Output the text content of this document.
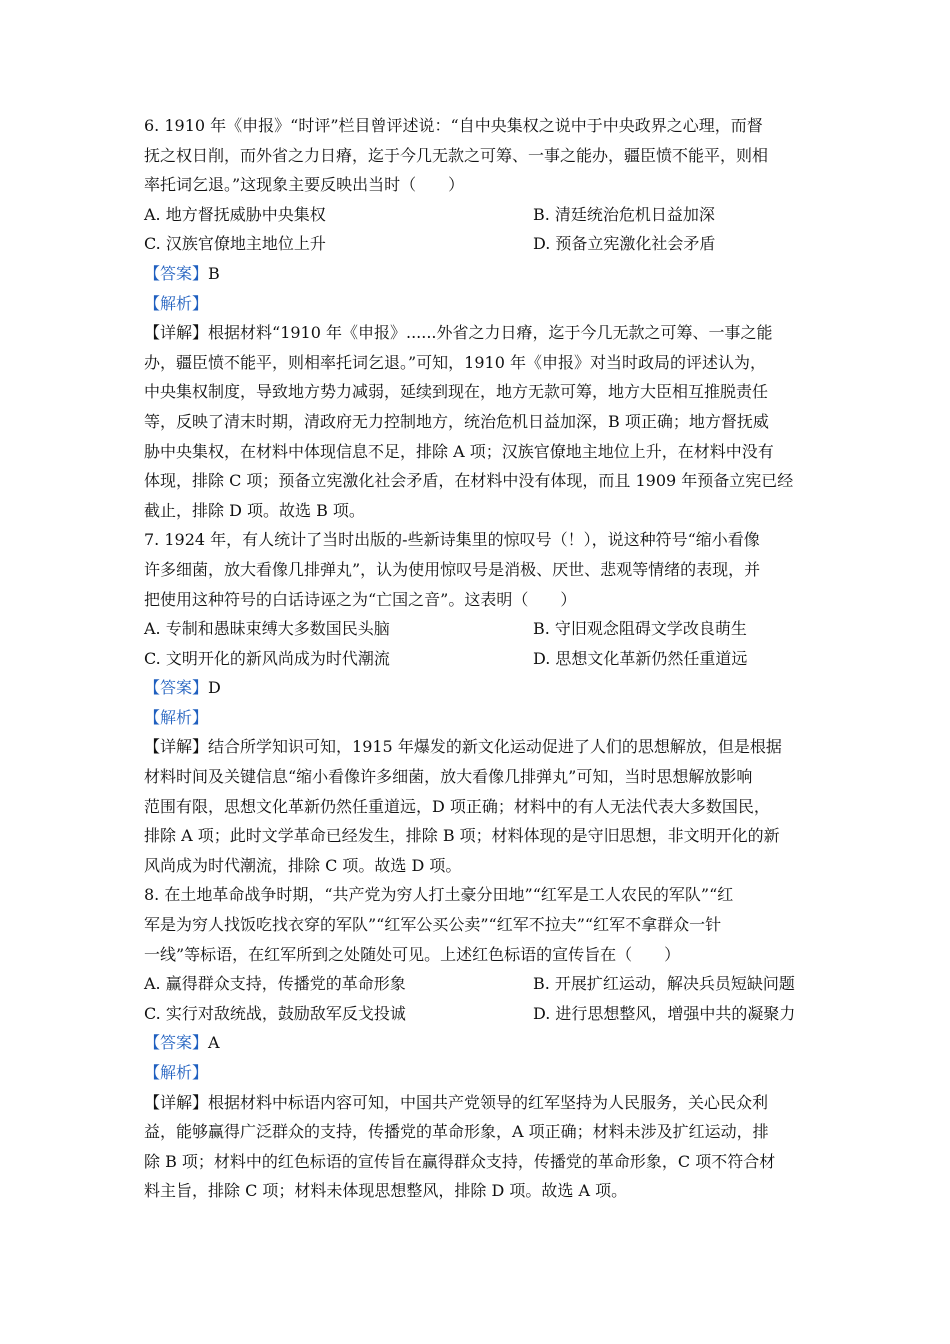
6. 1910 年《申报》“时评”栏目曾评述说：“自中央集权之说中于中央政界之心理，而督

抚之权日削，而外省之力日瘠，迄于今几无款之可筹、一事之能办，疆臣愤不能平，则相

率托词乞退。”这现象主要反映出当时（　　）

A. 地方督抚威胁中央集权	B. 清廷统治危机日益加深
C. 汉族官僚地主地位上升	D. 预备立宪激化社会矛盾

【答案】B

【解析】

【详解】根据材料“1910 年《申报》......外省之力日瘠，迄于今几无款之可筹、一事之能

办，疆臣愤不能平，则相率托词乞退。”可知，1910 年《申报》对当时政局的评述认为，

中央集权制度，导致地方势力减弱，延续到现在，地方无款可筹，地方大臣相互推脱责任

等，反映了清末时期，清政府无力控制地方，统治危机日益加深，B 项正确；地方督抚威

胁中央集权，在材料中体现信息不足，排除 A 项；汉族官僚地主地位上升，在材料中没有

体现，排除 C 项；预备立宪激化社会矛盾，在材料中没有体现，而且 1909 年预备立宪已经

截止，排除 D 项。故选 B 项。

7. 1924 年，有人统计了当时出版的-些新诗集里的惊叹号（！），说这种符号“缩小看像

许多细菌，放大看像几排弹丸”，认为使用惊叹号是消极、厌世、悲观等情绪的表现，并

把使用这种符号的白话诗诬之为“亡国之音”。这表明（　　）

A. 专制和愚昧束缚大多数国民头脑	B. 守旧观念阻碍文学改良萌生
C. 文明开化的新风尚成为时代潮流	D. 思想文化革新仍然任重道远

【答案】D

【解析】

【详解】结合所学知识可知，1915 年爆发的新文化运动促进了人们的思想解放，但是根据

材料时间及关键信息“缩小看像许多细菌，放大看像几排弹丸”可知，当时思想解放影响

范围有限，思想文化革新仍然任重道远，D 项正确；材料中的有人无法代表大多数国民，

排除 A 项；此时文学革命已经发生，排除 B 项；材料体现的是守旧思想，非文明开化的新

风尚成为时代潮流，排除 C 项。故选 D 项。

8. 在土地革命战争时期，“共产党为穷人打土豪分田地”“红军是工人农民的军队”“红

军是为穷人找饭吃找衣穿的军队”“红军公买公卖”“红军不拉夫”“红军不拿群众一针

一线”等标语，在红军所到之处随处可见。上述红色标语的宣传旨在（　　）

A. 赢得群众支持，传播党的革命形象	B. 开展扩红运动，解决兵员短缺问题
C. 实行对敌统战，鼓励敌军反戈投诚	D. 进行思想整风，增强中共的凝聚力

【答案】A

【解析】

【详解】根据材料中标语内容可知，中国共产党领导的红军坚持为人民服务，关心民众利

益，能够赢得广泛群众的支持，传播党的革命形象，A 项正确；材料未涉及扩红运动，排

除 B 项；材料中的红色标语的宣传旨在赢得群众支持，传播党的革命形象，C 项不符合材

料主旨，排除 C 项；材料未体现思想整风，排除 D 项。故选 A 项。
